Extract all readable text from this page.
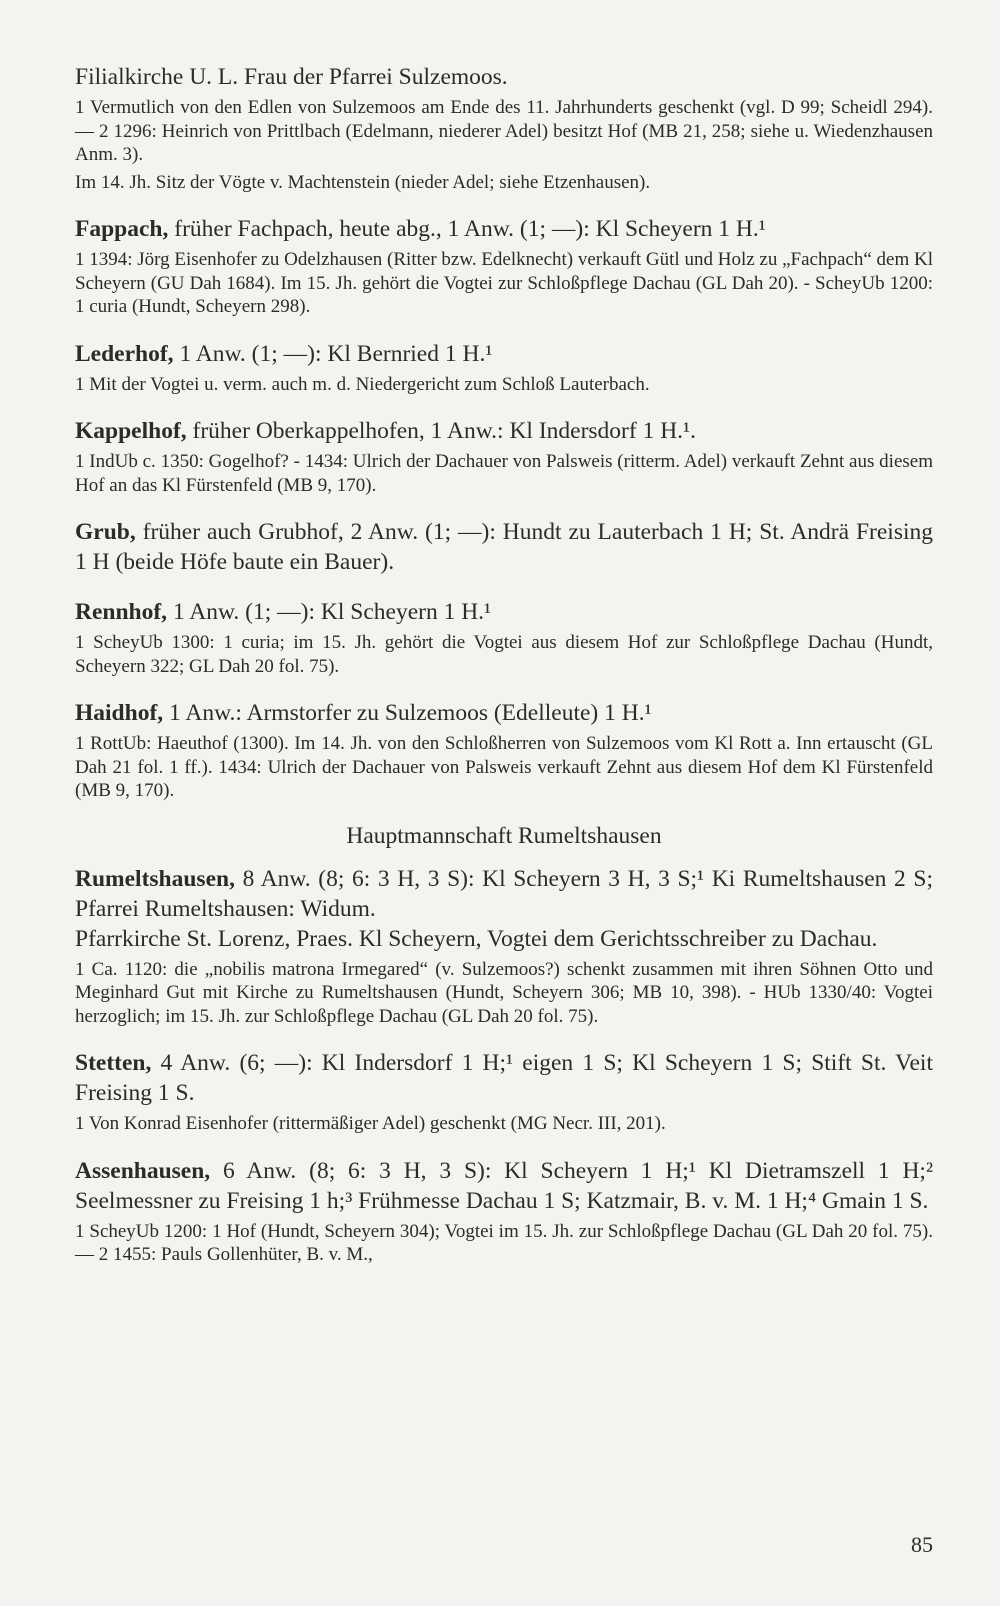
Filialkirche U. L. Frau der Pfarrei Sulzemoos.

1 Vermutlich von den Edlen von Sulzemoos am Ende des 11. Jahrhunderts geschenkt (vgl. D 99; Scheidl 294). — 2 1296: Heinrich von Prittlbach (Edelmann, niederer Adel) besitzt Hof (MB 21, 258; siehe u. Wiedenzhausen Anm. 3).

Im 14. Jh. Sitz der Vögte v. Machtenstein (nieder Adel; siehe Etzenhausen).

Fappach, früher Fachpach, heute abg., 1 Anw. (1; —): Kl Scheyern 1 H.¹

1 1394: Jörg Eisenhofer zu Odelzhausen (Ritter bzw. Edelknecht) verkauft Gütl und Holz zu „Fachpach“ dem Kl Scheyern (GU Dah 1684). Im 15. Jh. gehört die Vogtei zur Schloßpflege Dachau (GL Dah 20). - ScheyUb 1200: 1 curia (Hundt, Scheyern 298).

Lederhof, 1 Anw. (1; —): Kl Bernried 1 H.¹

1 Mit der Vogtei u. verm. auch m. d. Niedergericht zum Schloß Lauterbach.

Kappelhof, früher Oberkappelhofen, 1 Anw.: Kl Indersdorf 1 H.¹.

1 IndUb c. 1350: Gogelhof? - 1434: Ulrich der Dachauer von Palsweis (ritterm. Adel) verkauft Zehnt aus diesem Hof an das Kl Fürstenfeld (MB 9, 170).

Grub, früher auch Grubhof, 2 Anw. (1; —): Hundt zu Lauterbach 1 H; St. Andrä Freising 1 H (beide Höfe baute ein Bauer).

Rennhof, 1 Anw. (1; —): Kl Scheyern 1 H.¹

1 ScheyUb 1300: 1 curia; im 15. Jh. gehört die Vogtei aus diesem Hof zur Schloßpflege Dachau (Hundt, Scheyern 322; GL Dah 20 fol. 75).

Haidhof, 1 Anw.: Armstorfer zu Sulzemoos (Edelleute) 1 H.¹

1 RottUb: Haeuthof (1300). Im 14. Jh. von den Schloßherren von Sulzemoos vom Kl Rott a. Inn ertauscht (GL Dah 21 fol. 1 ff.). 1434: Ulrich der Dachauer von Palsweis verkauft Zehnt aus diesem Hof dem Kl Fürstenfeld (MB 9, 170).

Hauptmannschaft Rumeltshausen

Rumeltshausen, 8 Anw. (8; 6: 3 H, 3 S): Kl Scheyern 3 H, 3 S;¹ Ki Rumeltshausen 2 S; Pfarrei Rumeltshausen: Widum.

Pfarrkirche St. Lorenz, Praes. Kl Scheyern, Vogtei dem Gerichtsschreiber zu Dachau.

1 Ca. 1120: die „nobilis matrona Irmegared“ (v. Sulzemoos?) schenkt zusammen mit ihren Söhnen Otto und Meginhard Gut mit Kirche zu Rumeltshausen (Hundt, Scheyern 306; MB 10, 398). - HUb 1330/40: Vogtei herzoglich; im 15. Jh. zur Schloßpflege Dachau (GL Dah 20 fol. 75).

Stetten, 4 Anw. (6; —): Kl Indersdorf 1 H;¹ eigen 1 S; Kl Scheyern 1 S; Stift St. Veit Freising 1 S.

1 Von Konrad Eisenhofer (rittermäßiger Adel) geschenkt (MG Necr. III, 201).

Assenhausen, 6 Anw. (8; 6: 3 H, 3 S): Kl Scheyern 1 H;¹ Kl Dietramszell 1 H;² Seelmessner zu Freising 1 h;³ Frühmesse Dachau 1 S; Katzmair, B. v. M. 1 H;⁴ Gmain 1 S.

1 ScheyUb 1200: 1 Hof (Hundt, Scheyern 304); Vogtei im 15. Jh. zur Schloßpflege Dachau (GL Dah 20 fol. 75). — 2 1455: Pauls Gollenhüter, B. v. M.,

85
